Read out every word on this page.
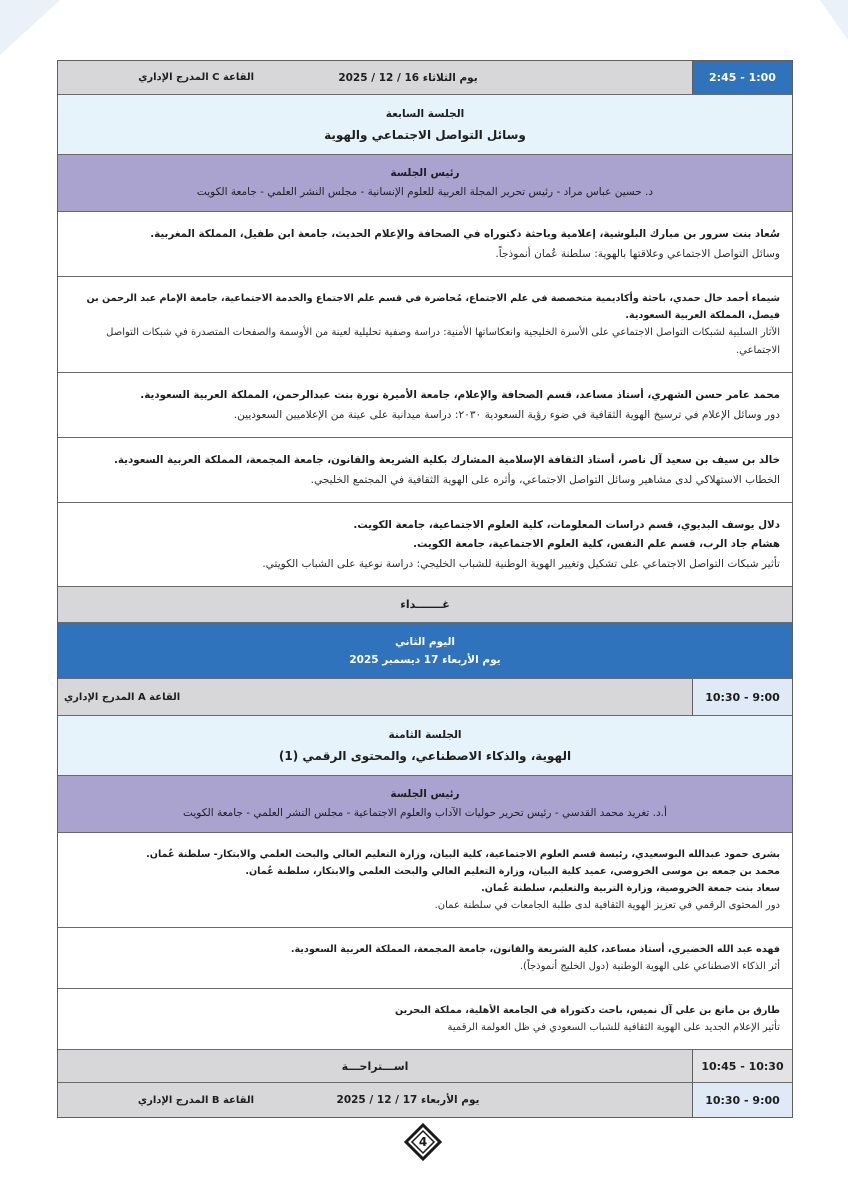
القاعة C المدرج الإداري	يوم الثلاثاء 16 / 12 / 2025	2:45 - 1:00
الجلسة السابعة
وسائل التواصل الاجتماعي والهوية
رئيس الجلسة
د. حسين عباس مراد - رئيس تحرير المجلة العربية للعلوم الإنسانية - مجلس النشر العلمي - جامعة الكويت
سُعاد بنت سرور بن مبارك البلوشية، إعلامية وباحثة دكتوراه في الصحافة والإعلام الحديث، جامعة ابن طفيل، المملكة المغربية.
وسائل التواصل الاجتماعي وعلاقتها بالهوية: سلطنة عُمان أنموذجاً.
شيماء أحمد خال حمدي، باحثة وأكاديمية متخصصة في علم الاجتماع، مُحاضرة في قسم علم الاجتماع والخدمة الاجتماعية، جامعة الإمام عبد الرحمن بن فيصل، المملكة العربية السعودية.
الآثار السلبية لشبكات التواصل الاجتماعي على الأسرة الخليجية وانعكاساتها الأمنية: دراسة وصفية تحليلية لعينة من الأوسمة والصفحات المتصدرة في شبكات التواصل الاجتماعي.
محمد عامر حسن الشهري، أستاذ مساعد، قسم الصحافة والإعلام، جامعة الأميرة نورة بنت عبدالرحمن، المملكة العربية السعودية.
دور وسائل الإعلام في ترسيخ الهوية الثقافية في ضوء رؤية السعودية ٢٠٣٠: دراسة ميدانية على عينة من الإعلاميين السعوديين.
خالد بن سيف بن سعيد آل ناصر، أستاذ الثقافة الإسلامية المشارك بكلية الشريعة والقانون، جامعة المجمعة، المملكة العربية السعودية.
الخطاب الاستهلاكي لدى مشاهير وسائل التواصل الاجتماعي، وأثره على الهوية الثقافية في المجتمع الخليجي.
دلال يوسف البديوي، قسم دراسات المعلومات، كلية العلوم الاجتماعية، جامعة الكويت.
هشام جاد الرب، قسم علم النفس، كلية العلوم الاجتماعية، جامعة الكويت.
تأثير شبكات التواصل الاجتماعي على تشكيل وتغيير الهوية الوطنية للشباب الخليجي: دراسة نوعية على الشباب الكويتي.
غـــــــداء
اليوم الثاني
يوم الأربعاء 17 ديسمبر 2025
القاعة A المدرج الإداري	10:30 - 9:00
الجلسة الثامنة
الهوية، والذكاء الاصطناعي، والمحتوى الرقمي (1)
رئيس الجلسة
أ.د. تغريد محمد القدسي - رئيس تحرير حوليات الآداب والعلوم الاجتماعية - مجلس النشر العلمي - جامعة الكويت
بشرى حمود عبدالله البوسعيدي، رئيسة قسم العلوم الاجتماعية، كلية البيان، وزارة التعليم العالي والبحث العلمي والابتكار- سلطنة عُمان.
محمد بن جمعه بن موسى الخروصي، عميد كلية البيان، وزارة التعليم العالي والبحث العلمي والابتكار، سلطنة عُمان.
سعاد بنت جمعة الخروصية، وزارة التربية والتعليم، سلطنة عُمان.
دور المحتوى الرقمي في تعزيز الهوية الثقافية لدى طلبة الجامعات في سلطنة عمان.
فهده عبد الله الخضيري، أستاذ مساعد، كلية الشريعة والقانون، جامعة المجمعة، المملكة العربية السعودية.
أثر الذكاء الاصطناعي على الهوية الوطنية (دول الخليج أنموذجاً).
طارق بن مانع بن علي آل نميس، باحث دكتوراة في الجامعة الأهلية، مملكة البحرين
تأثير الإعلام الجديد على الهوية الثقافية للشباب السعودي في ظل العولمة الرقمية
اســـتراحـــة	10:45 - 10:30
القاعة B المدرج الإداري	يوم الأربعاء 17 / 12 / 2025	10:30 - 9:00
4
